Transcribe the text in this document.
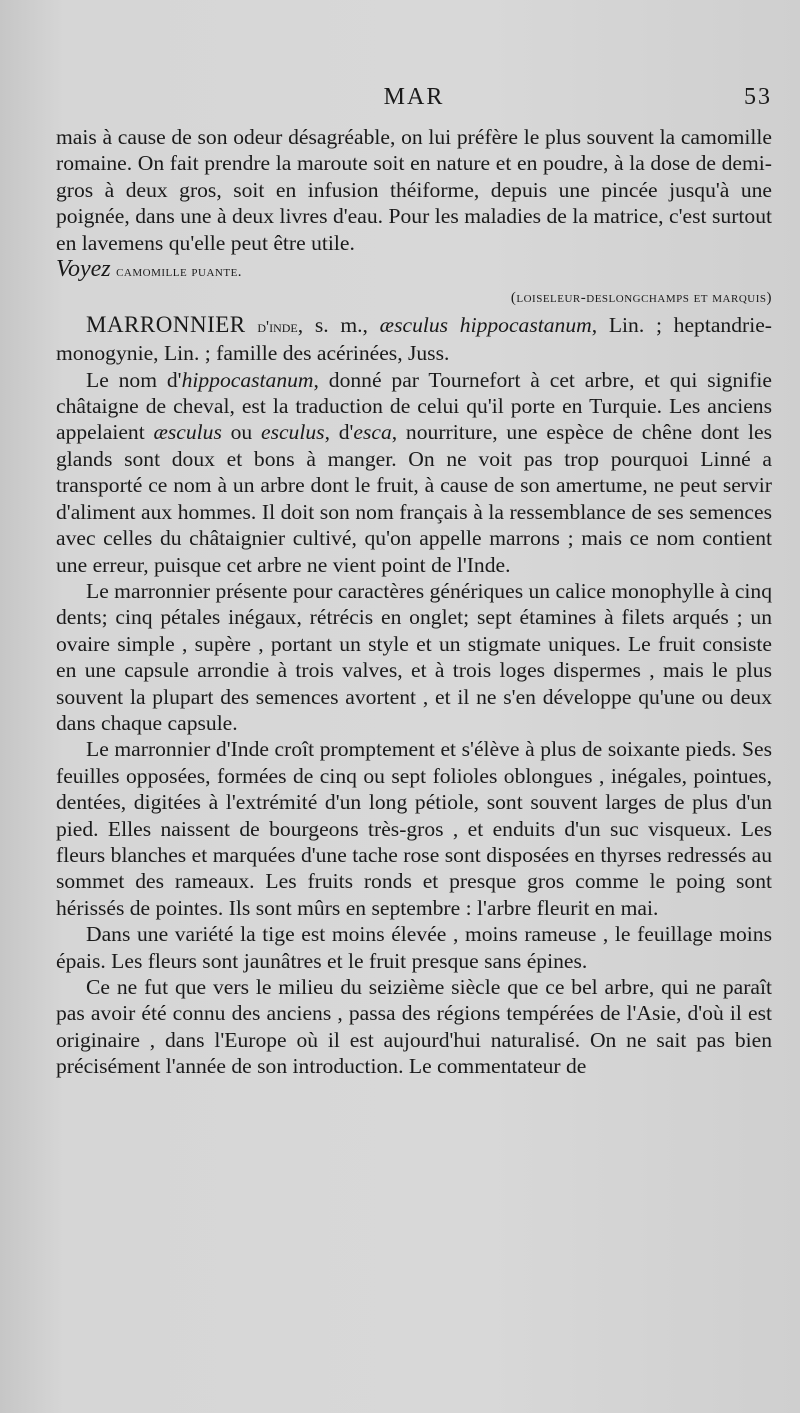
MAR	53

mais à cause de son odeur désagréable, on lui préfère le plus souvent la camomille romaine. On fait prendre la maroute soit en nature et en poudre, à la dose de demi-gros à deux gros, soit en infusion théiforme, depuis une pincée jusqu'à une poignée, dans une à deux livres d'eau. Pour les maladies de la matrice, c'est surtout en lavemens qu'elle peut être utile.

Voyez camomille puante.

(loiseleur-deslongchamps et marquis)

MARRONNIER d'inde, s. m., æsculus hippocastanum, Lin. ; heptandrie-monogynie, Lin. ; famille des acérinées, Juss.

Le nom d'hippocastanum, donné par Tournefort à cet arbre, et qui signifie châtaigne de cheval, est la traduction de celui qu'il porte en Turquie. Les anciens appelaient æsculus ou esculus, d'esca, nourriture, une espèce de chêne dont les glands sont doux et bons à manger. On ne voit pas trop pourquoi Linné a transporté ce nom à un arbre dont le fruit, à cause de son amertume, ne peut servir d'aliment aux hommes. Il doit son nom français à la ressemblance de ses semences avec celles du châtaignier cultivé, qu'on appelle marrons ; mais ce nom contient une erreur, puisque cet arbre ne vient point de l'Inde.

Le marronnier présente pour caractères génériques un calice monophylle à cinq dents; cinq pétales inégaux, rétrécis en onglet; sept étamines à filets arqués ; un ovaire simple , supère , portant un style et un stigmate uniques. Le fruit consiste en une capsule arrondie à trois valves, et à trois loges dispermes , mais le plus souvent la plupart des semences avortent , et il ne s'en développe qu'une ou deux dans chaque capsule.

Le marronnier d'Inde croît promptement et s'élève à plus de soixante pieds. Ses feuilles opposées, formées de cinq ou sept folioles oblongues , inégales, pointues, dentées, digitées à l'extrémité d'un long pétiole, sont souvent larges de plus d'un pied. Elles naissent de bourgeons très-gros , et enduits d'un suc visqueux. Les fleurs blanches et marquées d'une tache rose sont disposées en thyrses redressés au sommet des rameaux. Les fruits ronds et presque gros comme le poing sont hérissés de pointes. Ils sont mûrs en septembre : l'arbre fleurit en mai.

Dans une variété la tige est moins élevée , moins rameuse , le feuillage moins épais. Les fleurs sont jaunâtres et le fruit presque sans épines.

Ce ne fut que vers le milieu du seizième siècle que ce bel arbre, qui ne paraît pas avoir été connu des anciens , passa des régions tempérées de l'Asie, d'où il est originaire , dans l'Europe où il est aujourd'hui naturalisé. On ne sait pas bien précisément l'année de son introduction. Le commentateur de
